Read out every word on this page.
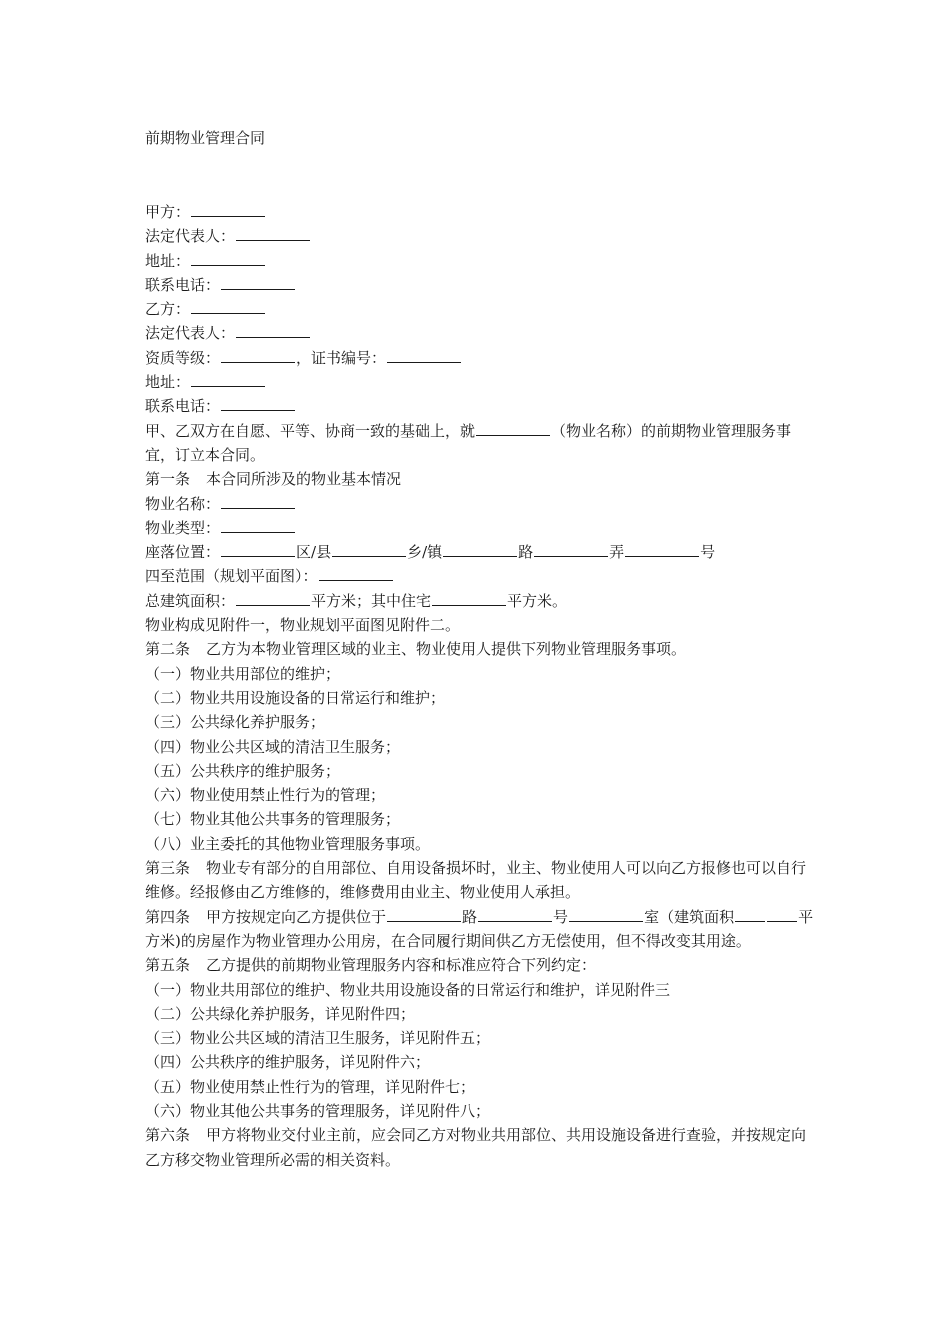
前期物业管理合同
甲方：
法定代表人：
地址：
联系电话：
乙方：
法定代表人：
资质等级：	，证书编号：
地址：
联系电话：
甲、乙双方在自愿、平等、协商一致的基础上，就	（物业名称）的前期物业管理服务事宜，订立本合同。
第一条 本合同所涉及的物业基本情况
物业名称：
物业类型：
座落位置：	区/县	乡/镇	路	弄	号
四至范围（规划平面图）：
总建筑面积：	平方米；其中住宅	平方米。
物业构成见附件一，物业规划平面图见附件二。
第二条 乙方为本物业管理区域的业主、物业使用人提供下列物业管理服务事项。
（一）物业共用部位的维护；
（二）物业共用设施设备的日常运行和维护；
（三）公共绿化养护服务；
（四）物业公共区域的清洁卫生服务；
（五）公共秩序的维护服务；
（六）物业使用禁止性行为的管理；
（七）物业其他公共事务的管理服务；
（八）业主委托的其他物业管理服务事项。
第三条 物业专有部分的自用部位、自用设备损坏时，业主、物业使用人可以向乙方报修也可以自行维修。经报修由乙方维修的，维修费用由业主、物业使用人承担。
第四条 甲方按规定向乙方提供位于	路	号	室（建筑面积	平方米)的房屋作为物业管理办公用房，在合同履行期间供乙方无偿使用，但不得改变其用途。
第五条 乙方提供的前期物业管理服务内容和标准应符合下列约定：
（一）物业共用部位的维护、物业共用设施设备的日常运行和维护，详见附件三
（二）公共绿化养护服务，详见附件四；
（三）物业公共区域的清洁卫生服务，详见附件五；
（四）公共秩序的维护服务，详见附件六；
（五）物业使用禁止性行为的管理，详见附件七；
（六）物业其他公共事务的管理服务，详见附件八；
第六条 甲方将物业交付业主前，应会同乙方对物业共用部位、共用设施设备进行查验，并按规定向乙方移交物业管理所必需的相关资料。
